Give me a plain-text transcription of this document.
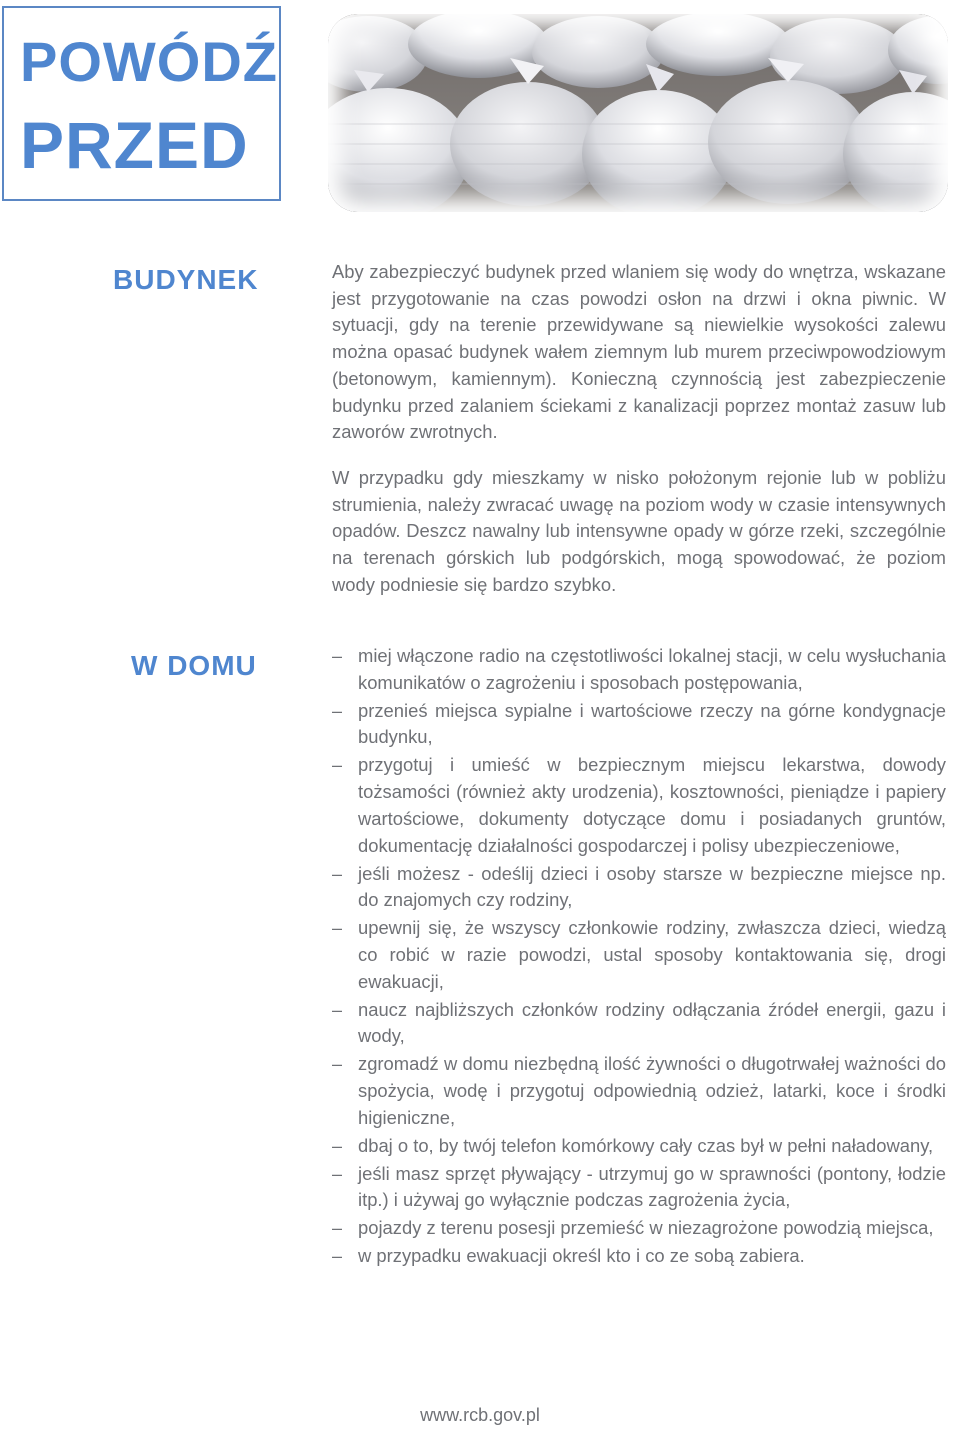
POWÓDŹ

PRZED

BUDYNEK	Aby zabezpieczyć budynek przed wlaniem się wody do wnętrza, wskazane jest przygotowanie na czas powodzi osłon na drzwi i okna piwnic. W sytuacji, gdy na terenie przewidywane są niewielkie wysokości zalewu można opasać budynek wałem ziemnym lub murem przeciwpowodziowym (betonowym, kamiennym). Konieczną czynnością jest zabezpieczenie budynku przed zalaniem ściekami z kanalizacji poprzez montaż zasuw lub zaworów zwrotnych.

W przypadku gdy mieszkamy w nisko położonym rejonie lub w pobliżu strumienia, należy zwracać uwagę na poziom wody w czasie intensywnych opadów. Deszcz nawalny lub intensywne opady w górze rzeki, szczególnie na terenach górskich lub podgórskich, mogą spowodować, że poziom wody podniesie się bardzo szybko.

W DOMU	– miej włączone radio na częstotliwości lokalnej stacji, w celu wysłuchania komunikatów o zagrożeniu i sposobach postępowania,
– przenieś miejsca sypialne i wartościowe rzeczy na górne kondygnacje budynku,
– przygotuj i umieść w bezpiecznym miejscu lekarstwa, dowody tożsamości (również akty urodzenia), kosztowności, pieniądze i papiery wartościowe, dokumenty dotyczące domu i posiadanych gruntów, dokumentację działalności gospodarczej i polisy ubezpieczeniowe,
– jeśli możesz - odeślij dzieci i osoby starsze w bezpieczne miejsce np. do znajomych czy rodziny,
– upewnij się, że wszyscy członkowie rodziny, zwłaszcza dzieci, wiedzą co robić w razie powodzi, ustal sposoby kontaktowania się, drogi ewakuacji,
– naucz najbliższych członków rodziny odłączania źródeł energii, gazu i wody,
– zgromadź w domu niezbędną ilość żywności o długotrwałej ważności do spożycia, wodę i przygotuj odpowiednią odzież, latarki, koce i środki higieniczne,
– dbaj o to, by twój telefon komórkowy cały czas był w pełni naładowany,
– jeśli masz sprzęt pływający - utrzymuj go w sprawności (pontony, łodzie itp.) i używaj go wyłącznie podczas zagrożenia życia,
– pojazdy z terenu posesji przemieść w niezagrożone powodzią miejsca,
– w przypadku ewakuacji określ kto i co ze sobą zabiera.

www.rcb.gov.pl
